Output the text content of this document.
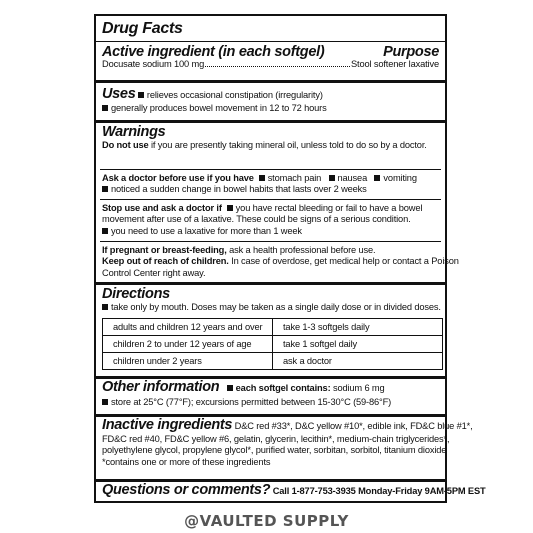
Drug Facts
Active ingredient (in each softgel)	Purpose
Docusate sodium 100 mg	Stool softener laxative
Uses relieves occasional constipation (irregularity)
generally produces bowel movement in 12 to 72 hours
Warnings
Do not use if you are presently taking mineral oil, unless told to do so by a doctor.
Ask a doctor before use if you have stomach pain nausea vomiting
noticed a sudden change in bowel habits that lasts over 2 weeks
Stop use and ask a doctor if you have rectal bleeding or fail to have a bowel
movement after use of a laxative. These could be signs of a serious condition.
you need to use a laxative for more than 1 week
If pregnant or breast-feeding, ask a health professional before use.
Keep out of reach of children. In case of overdose, get medical help or contact a Poison
Control Center right away.
Directions
take only by mouth. Doses may be taken as a single daily dose or in divided doses.
adults and children 12 years and over	take 1-3 softgels daily
children 2 to under 12 years of age	take 1 softgel daily
children under 2 years	ask a doctor
Other information each softgel contains: sodium 6 mg
store at 25°C (77°F); excursions permitted between 15-30°C (59-86°F)
Inactive ingredients D&C red #33*, D&C yellow #10*, edible ink, FD&C blue #1*,
FD&C red #40, FD&C yellow #6, gelatin, glycerin, lecithin*, medium-chain triglycerides*,
polyethylene glycol, propylene glycol*, purified water, sorbitan, sorbitol, titanium dioxide
*contains one or more of these ingredients
Questions or comments? Call 1-877-753-3935 Monday-Friday 9AM-5PM EST
@VAULTED SUPPLY
